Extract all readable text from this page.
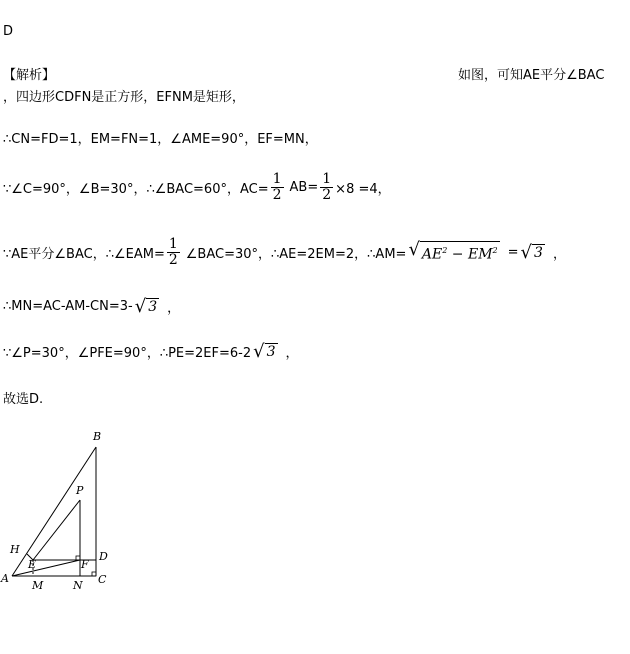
D
【解析】	如图，可知AE平分∠BAC
，四边形CDFN是正方形，EFNM是矩形，
∴CN=FD=1，EM=FN=1，∠AME=90°，EF=MN，
∵∠C=90°，∠B=30°，∴∠BAC=60°，$AC= \frac{1}{2} AB= \frac{1}{2} \times 8 =4$，
∵AE平分∠BAC，∴∠EAM= $\frac{1}{2}$ ∠BAC=30°，∴AE=2EM=2，∴AM= √ $AE^2 - EM^2$ = √ 3 ，
∴MN=AC-AM-CN=3- √ 3 ，
∵∠P=30°，∠PFE=90°，∴PE=2EF=6-2 √ 3 ，
故选D.
B
P
H
E	F
D
A	C
M	N
